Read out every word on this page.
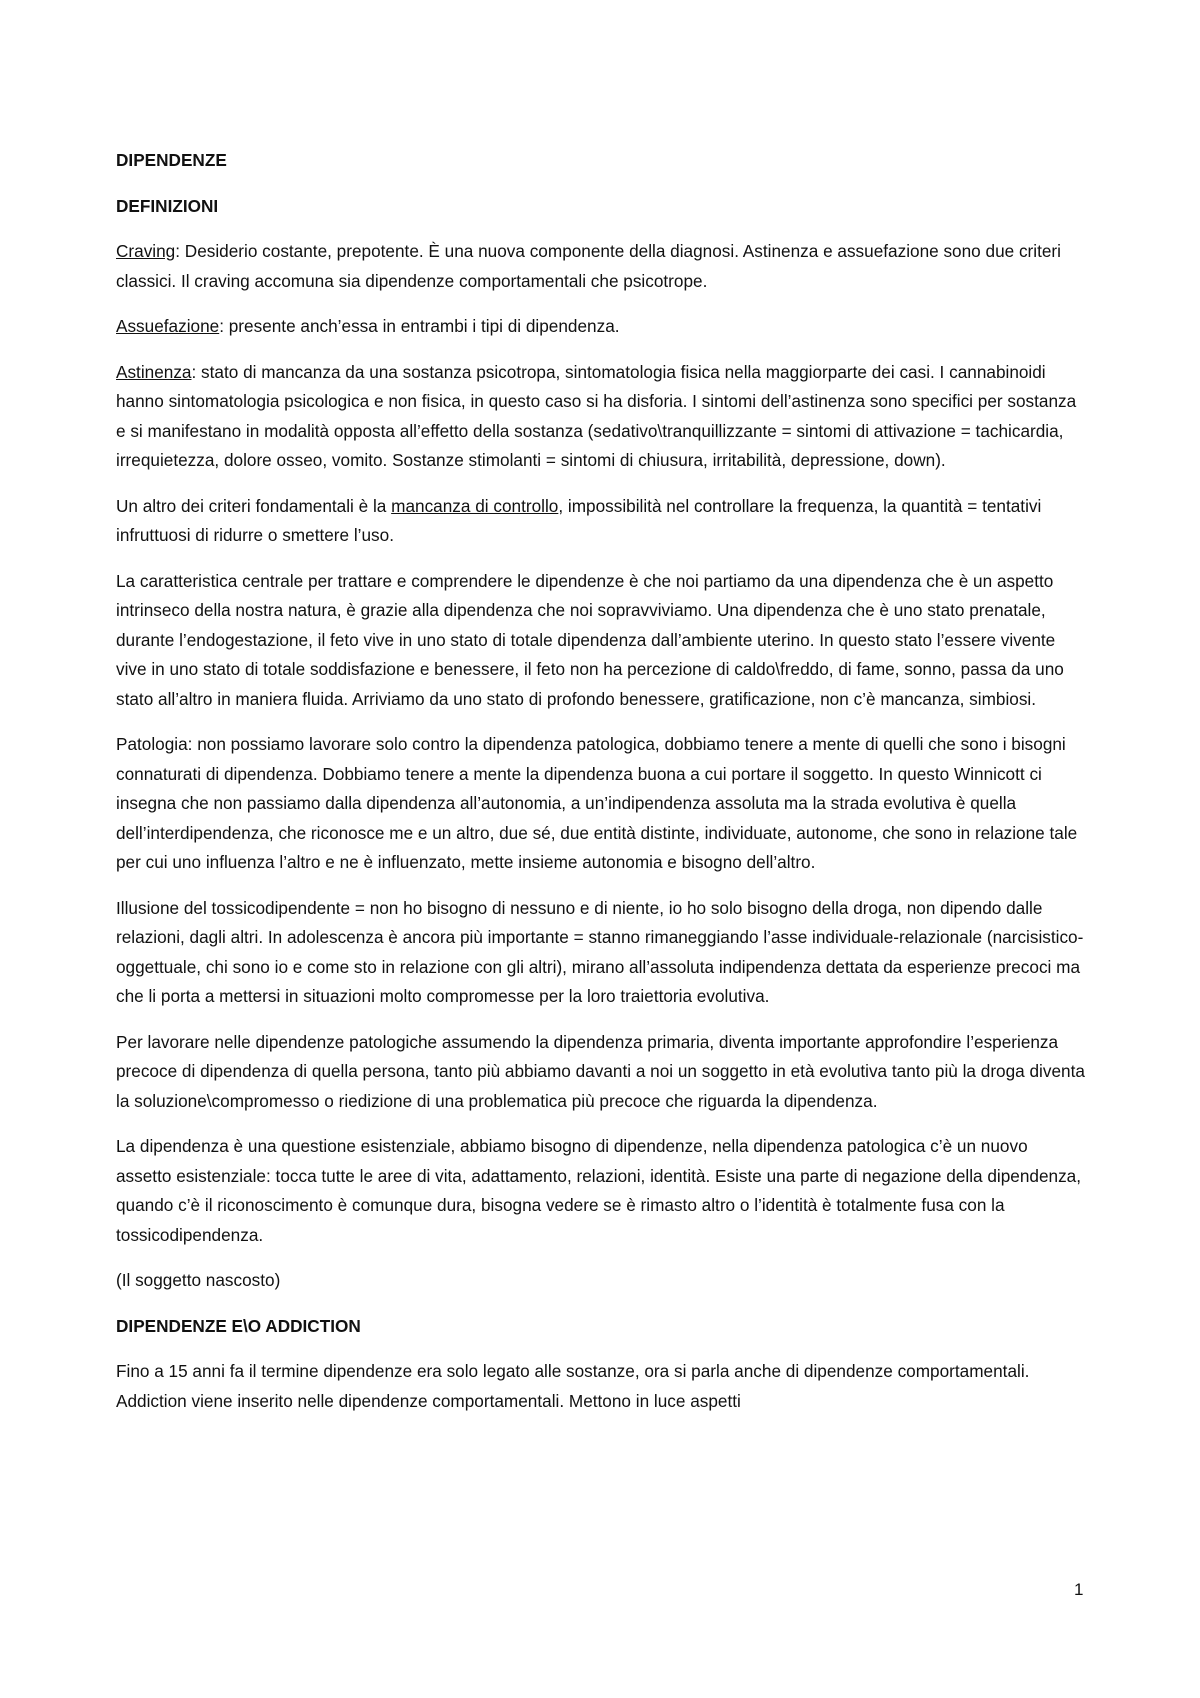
DIPENDENZE

DEFINIZIONI

Craving: Desiderio costante, prepotente. È una nuova componente della diagnosi. Astinenza e assuefazione sono due criteri classici. Il craving accomuna sia dipendenze comportamentali che psicotrope.

Assuefazione: presente anch’essa in entrambi i tipi di dipendenza.

Astinenza: stato di mancanza da una sostanza psicotropa, sintomatologia fisica nella maggiorparte dei casi. I cannabinoidi hanno sintomatologia psicologica e non fisica, in questo caso si ha disforia. I sintomi dell’astinenza sono specifici per sostanza e si manifestano in modalità opposta all’effetto della sostanza (sedativo\tranquillizzante = sintomi di attivazione = tachicardia, irrequietezza, dolore osseo, vomito. Sostanze stimolanti = sintomi di chiusura, irritabilità, depressione, down).

Un altro dei criteri fondamentali è la mancanza di controllo, impossibilità nel controllare la frequenza, la quantità = tentativi infruttuosi di ridurre o smettere l’uso.

La caratteristica centrale per trattare e comprendere le dipendenze è che noi partiamo da una dipendenza che è un aspetto intrinseco della nostra natura, è grazie alla dipendenza che noi sopravviviamo. Una dipendenza che è uno stato prenatale, durante l’endogestazione, il feto vive in uno stato di totale dipendenza dall’ambiente uterino. In questo stato l’essere vivente vive in uno stato di totale soddisfazione e benessere, il feto non ha percezione di caldo\freddo, di fame, sonno, passa da uno stato all’altro in maniera fluida. Arriviamo da uno stato di profondo benessere, gratificazione, non c’è mancanza, simbiosi.

Patologia: non possiamo lavorare solo contro la dipendenza patologica, dobbiamo tenere a mente di quelli che sono i bisogni connaturati di dipendenza. Dobbiamo tenere a mente la dipendenza buona a cui portare il soggetto. In questo Winnicott ci insegna che non passiamo dalla dipendenza all’autonomia, a un’indipendenza assoluta ma la strada evolutiva è quella dell’interdipendenza, che riconosce me e un altro, due sé, due entità distinte, individuate, autonome, che sono in relazione tale per cui uno influenza l’altro e ne è influenzato, mette insieme autonomia e bisogno dell’altro.

Illusione del tossicodipendente = non ho bisogno di nessuno e di niente, io ho solo bisogno della droga, non dipendo dalle relazioni, dagli altri. In adolescenza è ancora più importante = stanno rimaneggiando l’asse individuale-relazionale (narcisistico-oggettuale, chi sono io e come sto in relazione con gli altri), mirano all’assoluta indipendenza dettata da esperienze precoci ma che li porta a mettersi in situazioni molto compromesse per la loro traiettoria evolutiva.

Per lavorare nelle dipendenze patologiche assumendo la dipendenza primaria, diventa importante approfondire l’esperienza precoce di dipendenza di quella persona, tanto più abbiamo davanti a noi un soggetto in età evolutiva tanto più la droga diventa la soluzione\compromesso o riedizione di una problematica più precoce che riguarda la dipendenza.

La dipendenza è una questione esistenziale, abbiamo bisogno di dipendenze, nella dipendenza patologica c’è un nuovo assetto esistenziale: tocca tutte le aree di vita, adattamento, relazioni, identità. Esiste una parte di negazione della dipendenza, quando c’è il riconoscimento è comunque dura, bisogna vedere se è rimasto altro o l’identità è totalmente fusa con la tossicodipendenza.

(Il soggetto nascosto)

DIPENDENZE E\O ADDICTION

Fino a 15 anni fa il termine dipendenze era solo legato alle sostanze, ora si parla anche di dipendenze comportamentali. Addiction viene inserito nelle dipendenze comportamentali. Mettono in luce aspetti

1
